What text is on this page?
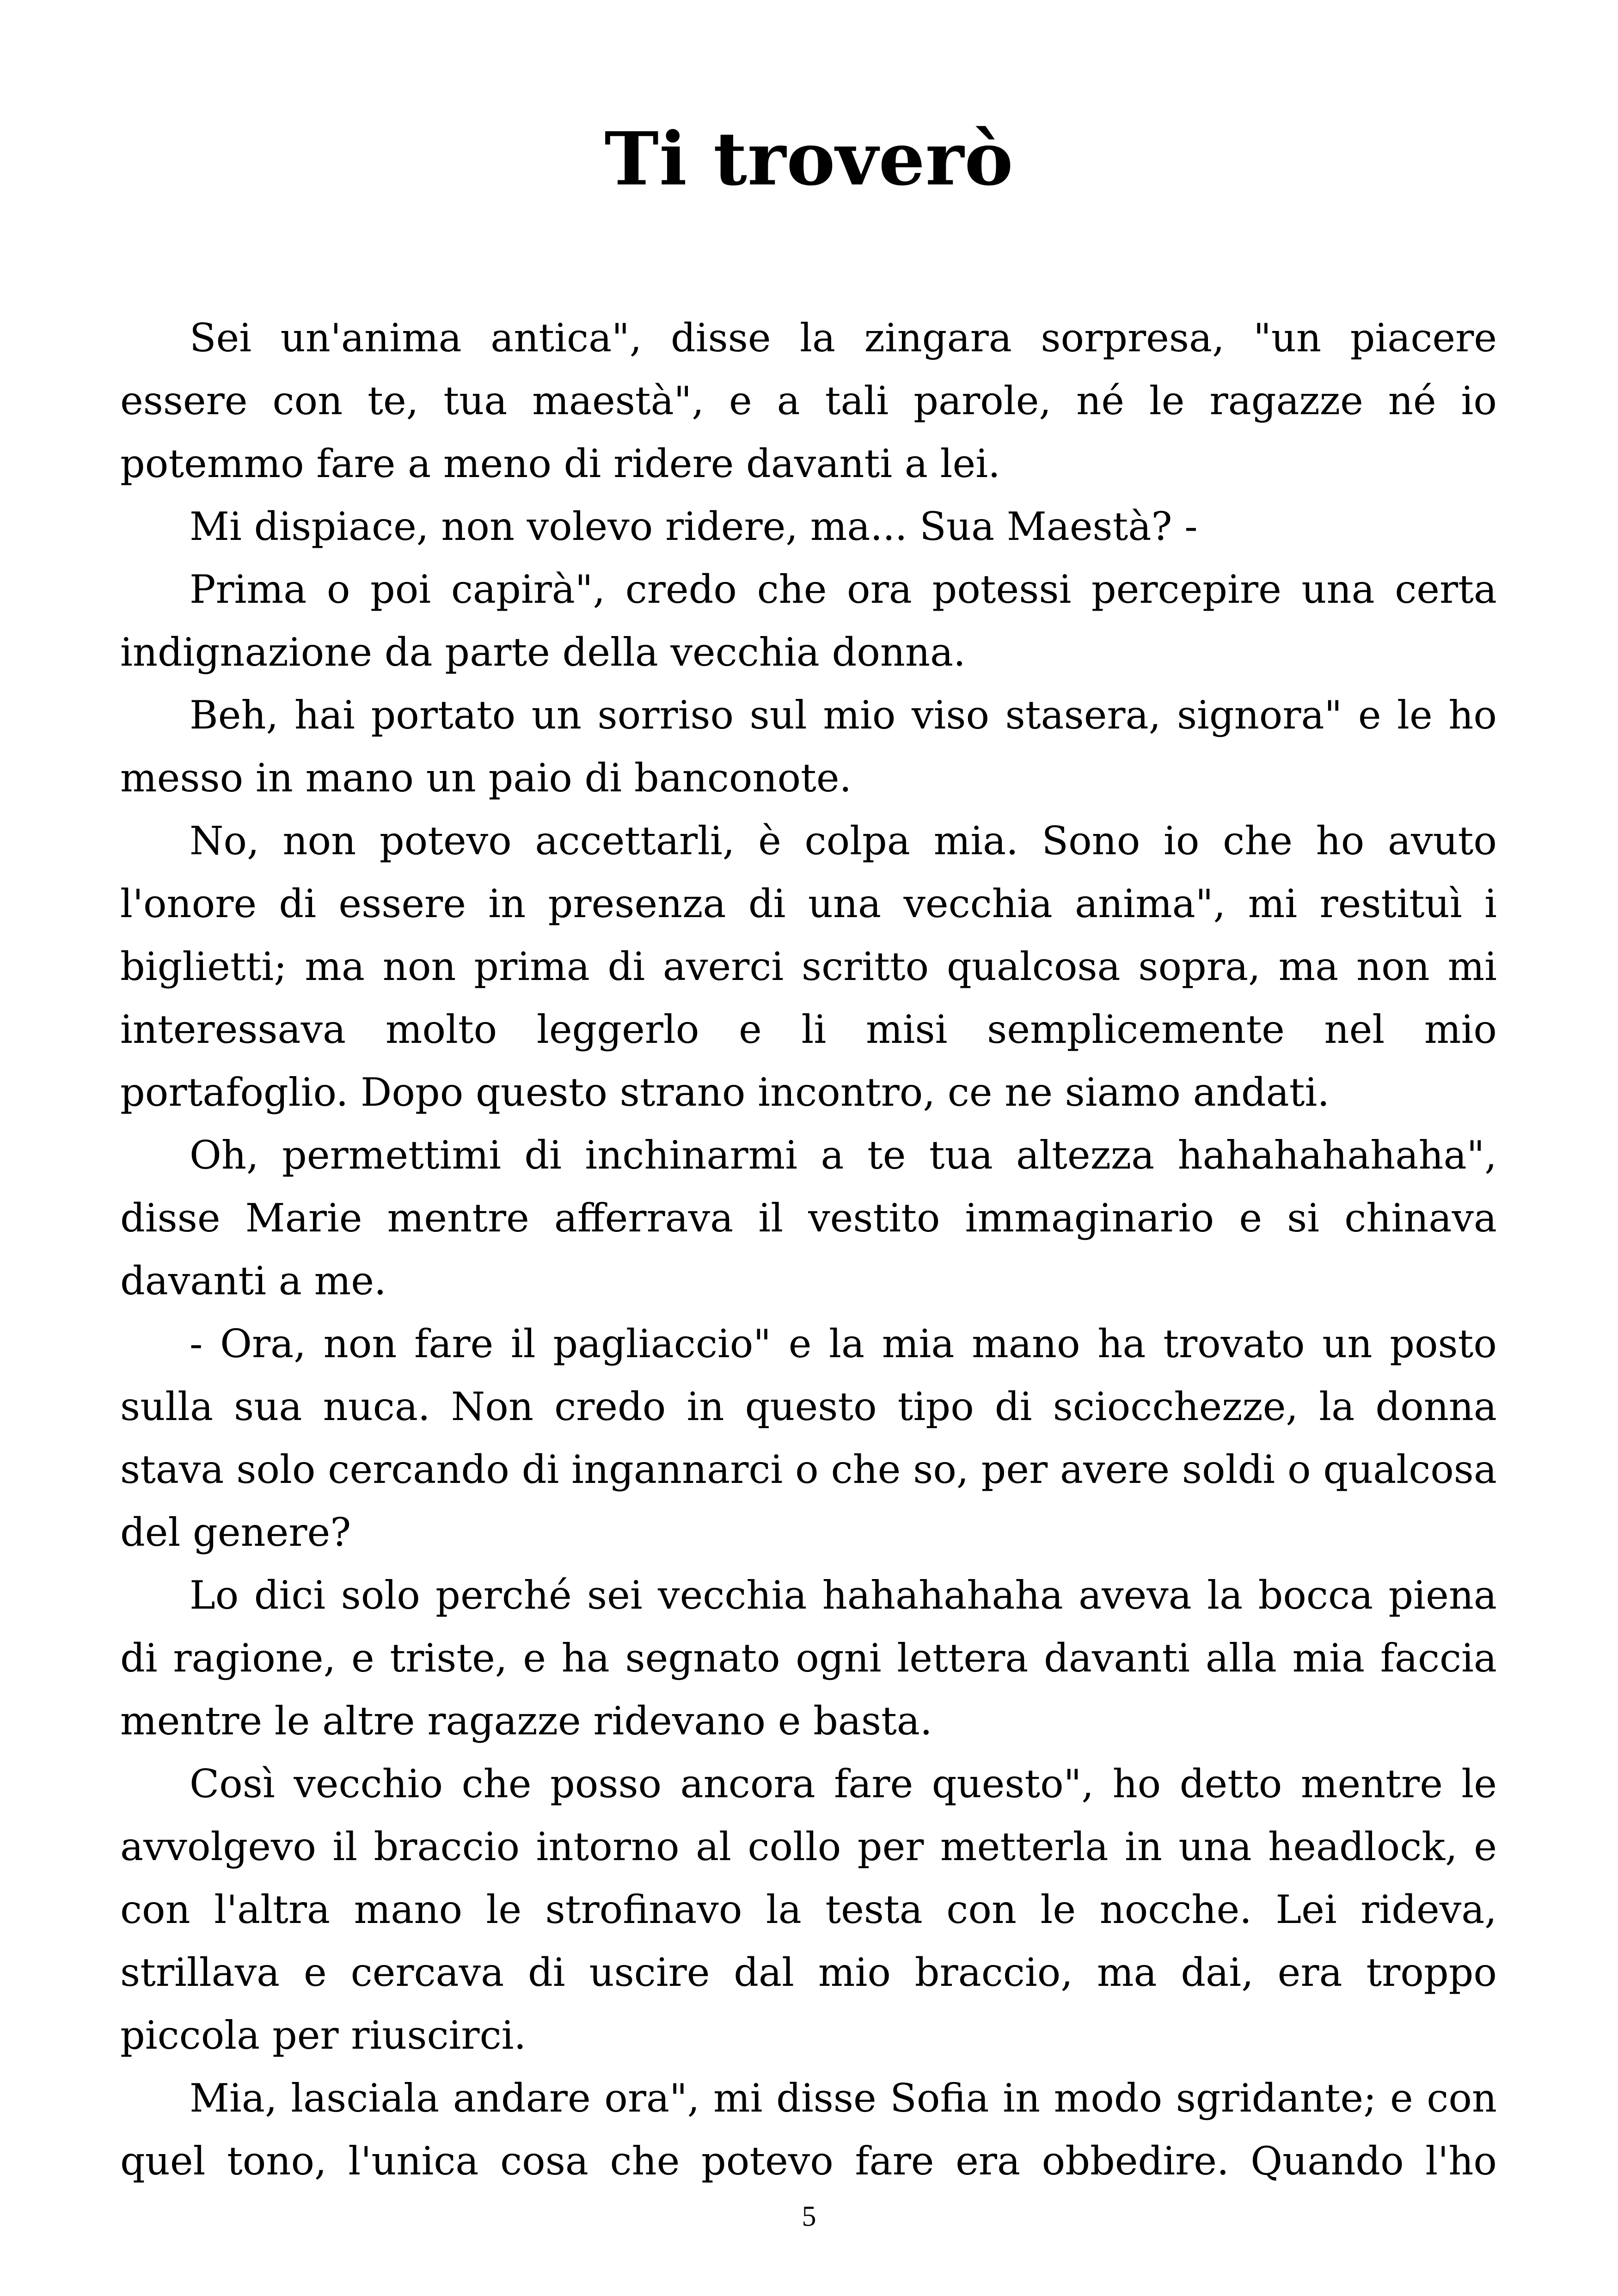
Ti troverò

Sei un'anima antica", disse la zingara sorpresa, "un piacere essere con te, tua maestà", e a tali parole, né le ragazze né io potemmo fare a meno di ridere davanti a lei.

Mi dispiace, non volevo ridere, ma... Sua Maestà? -

Prima o poi capirà", credo che ora potessi percepire una certa indignazione da parte della vecchia donna.

Beh, hai portato un sorriso sul mio viso stasera, signora" e le ho messo in mano un paio di banconote.

No, non potevo accettarli, è colpa mia. Sono io che ho avuto l'onore di essere in presenza di una vecchia anima", mi restituì i biglietti; ma non prima di averci scritto qualcosa sopra, ma non mi interessava molto leggerlo e li misi semplicemente nel mio portafoglio. Dopo questo strano incontro, ce ne siamo andati.

Oh, permettimi di inchinarmi a te tua altezza hahahahahaha", disse Marie mentre afferrava il vestito immaginario e si chinava davanti a me.

- Ora, non fare il pagliaccio" e la mia mano ha trovato un posto sulla sua nuca. Non credo in questo tipo di sciocchezze, la donna stava solo cercando di ingannarci o che so, per avere soldi o qualcosa del genere?

Lo dici solo perché sei vecchia hahahahaha aveva la bocca piena di ragione, e triste, e ha segnato ogni lettera davanti alla mia faccia mentre le altre ragazze ridevano e basta.

Così vecchio che posso ancora fare questo", ho detto mentre le avvolgevo il braccio intorno al collo per metterla in una headlock, e con l'altra mano le strofinavo la testa con le nocche. Lei rideva, strillava e cercava di uscire dal mio braccio, ma dai, era troppo piccola per riuscirci.

Mia, lasciala andare ora", mi disse Sofia in modo sgridante; e con quel tono, l'unica cosa che potevo fare era obbedire. Quando l'ho

5
